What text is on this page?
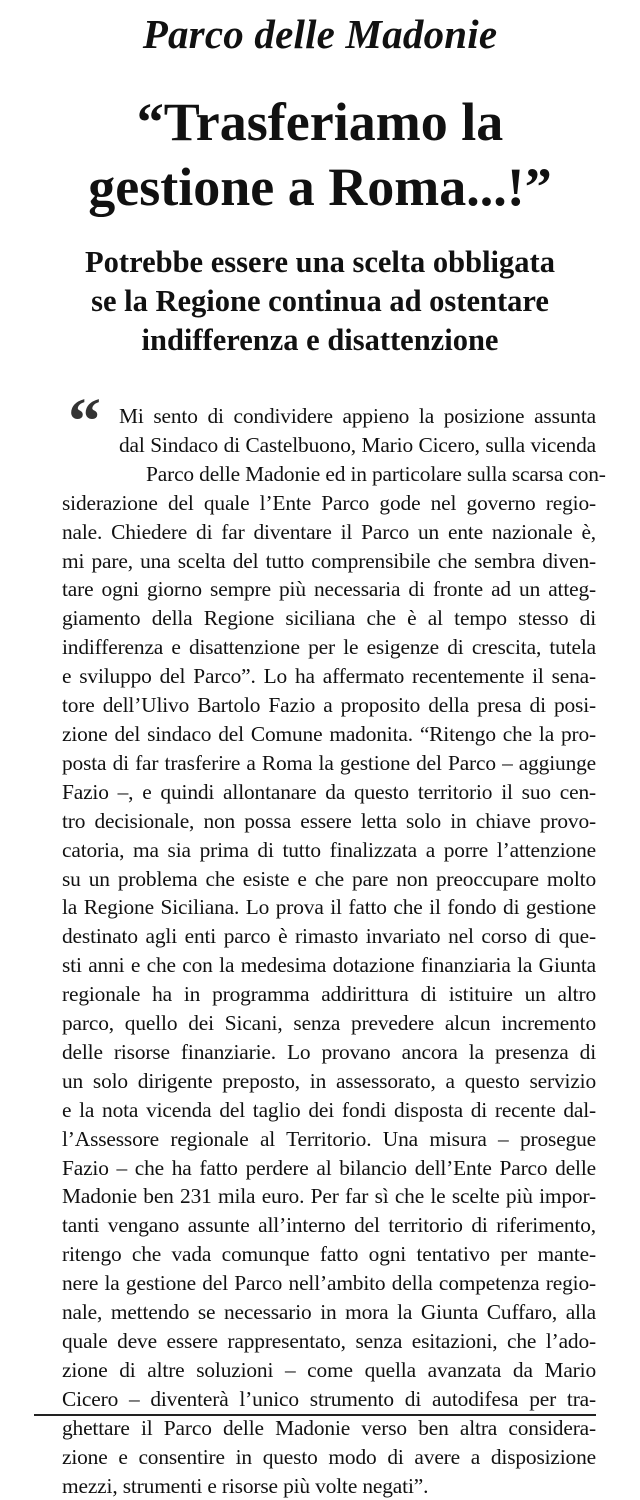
Parco delle Madonie
“Trasferiamo la
gestione a Roma...!”
Potrebbe essere una scelta obbligata
se la Regione continua ad ostentare
indifferenza e disattenzione
“ Mi sento di condividere appieno la posizione assunta
dal Sindaco di Castelbuono, Mario Cicero, sulla vicenda
Parco delle Madonie ed in particolare sulla scarsa con-
siderazione del quale l’Ente Parco gode nel governo regio-
nale. Chiedere di far diventare il Parco un ente nazionale è,
mi pare, una scelta del tutto comprensibile che sembra diven-
tare ogni giorno sempre più necessaria di fronte ad un atteg-
giamento della Regione siciliana che è al tempo stesso di
indifferenza e disattenzione per le esigenze di crescita, tutela
e sviluppo del Parco”. Lo ha affermato recentemente il sena-
tore dell’Ulivo Bartolo Fazio a proposito della presa di posi-
zione del sindaco del Comune madonita. “Ritengo che la pro-
posta di far trasferire a Roma la gestione del Parco – aggiunge
Fazio –, e quindi allontanare da questo territorio il suo cen-
tro decisionale, non possa essere letta solo in chiave provo-
catoria, ma sia prima di tutto finalizzata a porre l’attenzione
su un problema che esiste e che pare non preoccupare molto
la Regione Siciliana. Lo prova il fatto che il fondo di gestione
destinato agli enti parco è rimasto invariato nel corso di que-
sti anni e che con la medesima dotazione finanziaria la Giunta
regionale ha in programma addirittura di istituire un altro
parco, quello dei Sicani, senza prevedere alcun incremento
delle risorse finanziarie. Lo provano ancora la presenza di
un solo dirigente preposto, in assessorato, a questo servizio
e la nota vicenda del taglio dei fondi disposta di recente dal-
l’Assessore regionale al Territorio. Una misura – prosegue
Fazio – che ha fatto perdere al bilancio dell’Ente Parco delle
Madonie ben 231 mila euro. Per far sì che le scelte più impor-
tanti vengano assunte all’interno del territorio di riferimento,
ritengo che vada comunque fatto ogni tentativo per mante-
nere la gestione del Parco nell’ambito della competenza regio-
nale, mettendo se necessario in mora la Giunta Cuffaro, alla
quale deve essere rappresentato, senza esitazioni, che l’ado-
zione di altre soluzioni – come quella avanzata da Mario
Cicero – diventerà l’unico strumento di autodifesa per tra-
ghettare il Parco delle Madonie verso ben altra considera-
zione e consentire in questo modo di avere a disposizione
mezzi, strumenti e risorse più volte negati”.
